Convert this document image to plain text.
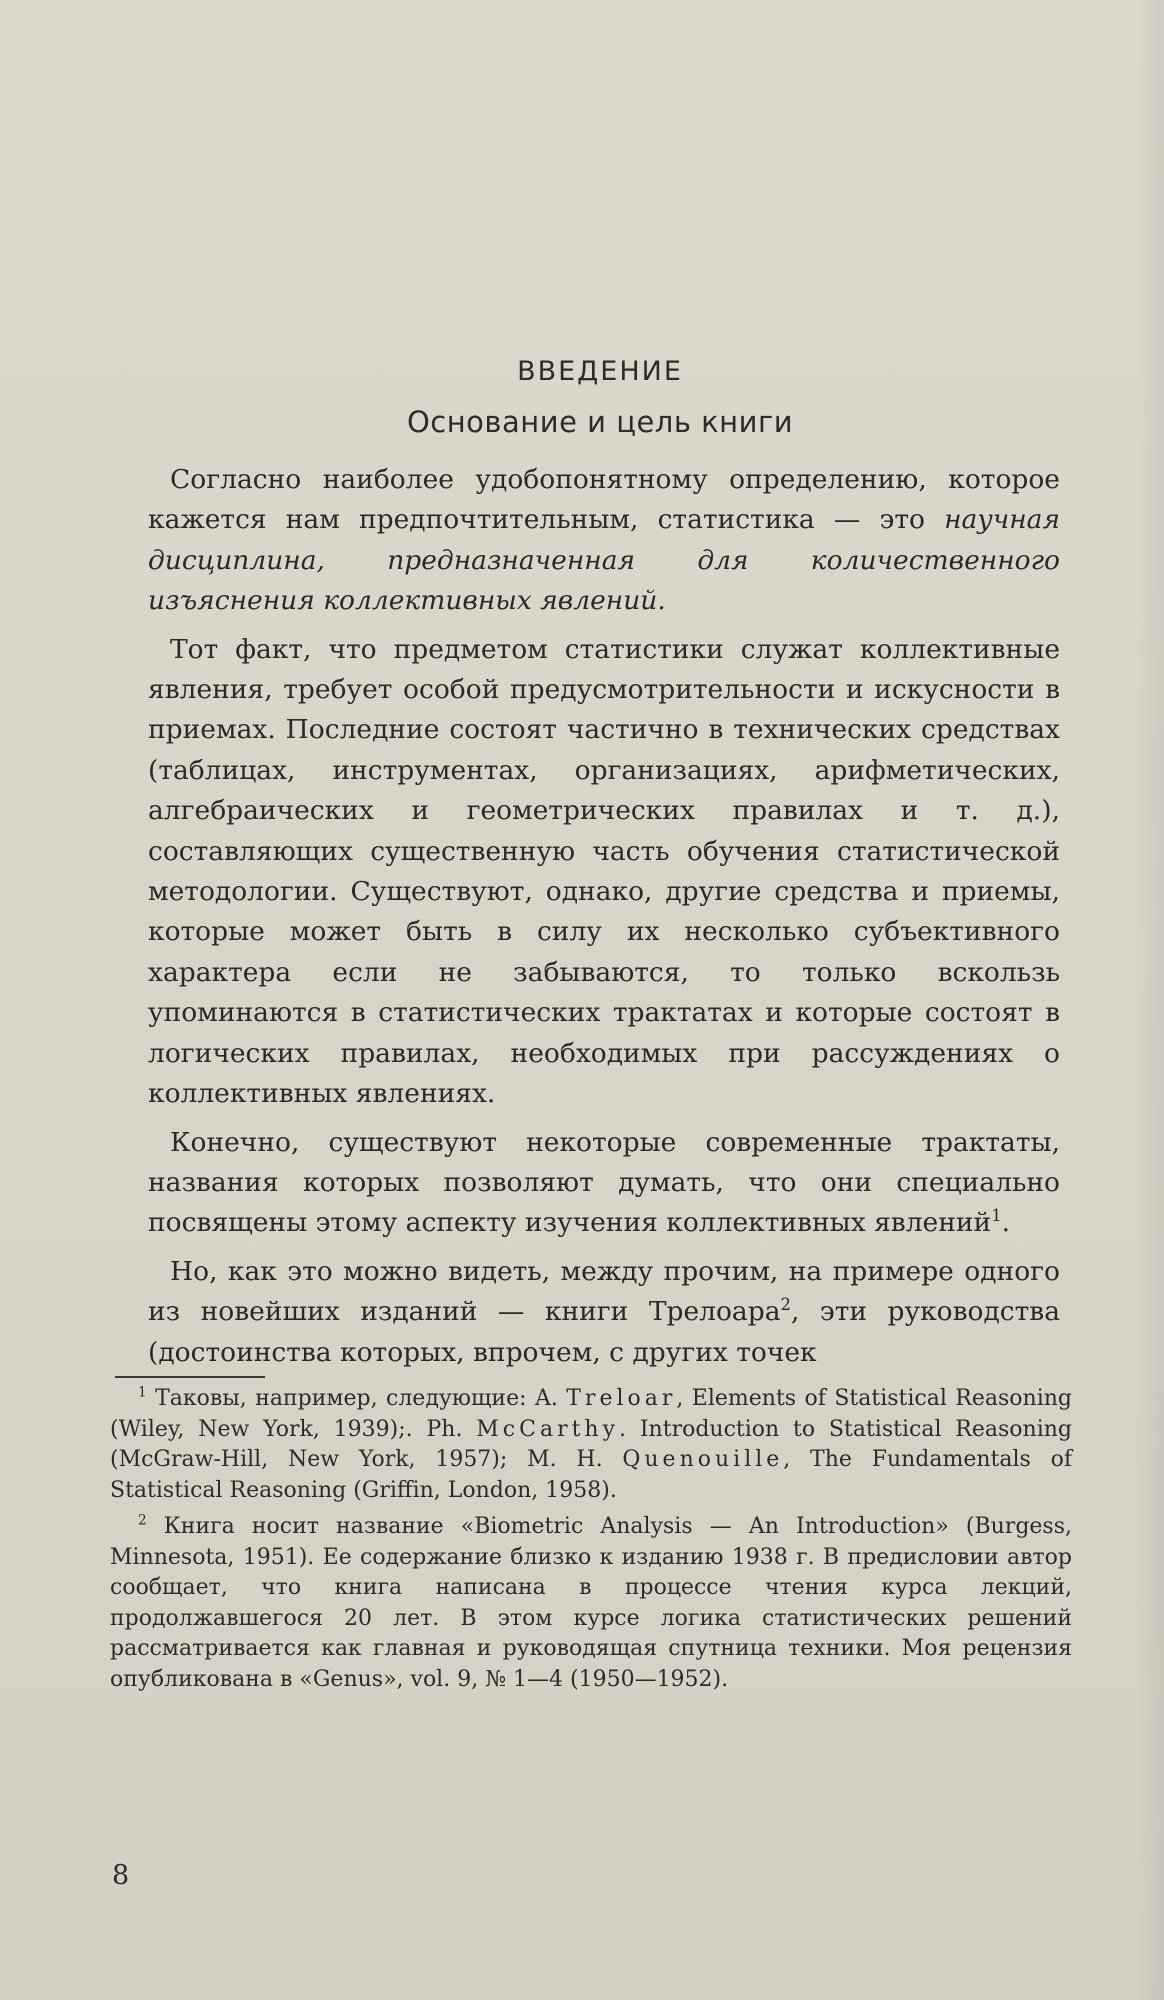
ВВЕДЕНИЕ
Основание и цель книги

Согласно наиболее удобопонятному определению, которое кажется нам предпочтительным, статистика — это научная дисциплина, предназначенная для количественного изъяснения коллективных явлений.

Тот факт, что предметом статистики служат коллективные явления, требует особой предусмотрительности и искусности в приемах. Последние состоят частично в технических средствах (таблицах, инструментах, организациях, арифметических, алгебраических и геометрических правилах и т. д.), составляющих существенную часть обучения статистической методологии. Существуют, однако, другие средства и приемы, которые может быть в силу их несколько субъективного характера если не забываются, то только вскользь упоминаются в статистических трактатах и которые состоят в логических правилах, необходимых при рассуждениях о коллективных явлениях.

Конечно, существуют некоторые современные трактаты, названия которых позволяют думать, что они специально посвящены этому аспекту изучения коллективных явлений$^1$.

Но, как это можно видеть, между прочим, на примере одного из новейших изданий — книги Трелоара$^2$, эти руководства (достоинства которых, впрочем, с других точек

$^1$ Таковы, например, следующие: A. Treloar, Elements of Statistical Reasoning (Wiley, New York, 1939);. Ph. McCarthy. Introduction to Statistical Reasoning (McGraw-Hill, New York, 1957); M. H. Quenouille, The Fundamentals of Statistical Reasoning (Griffin, London, 1958).

$^2$ Книга носит название «Biometric Analysis — An Introduction» (Burgess, Minnesota, 1951). Ее содержание близко к изданию 1938 г. В предисловии автор сообщает, что книга написана в процессе чтения курса лекций, продолжавшегося 20 лет. В этом курсе логика статистических решений рассматривается как главная и руководящая спутница техники. Моя рецензия опубликована в «Genus», vol. 9, № 1—4 (1950—1952).

8
